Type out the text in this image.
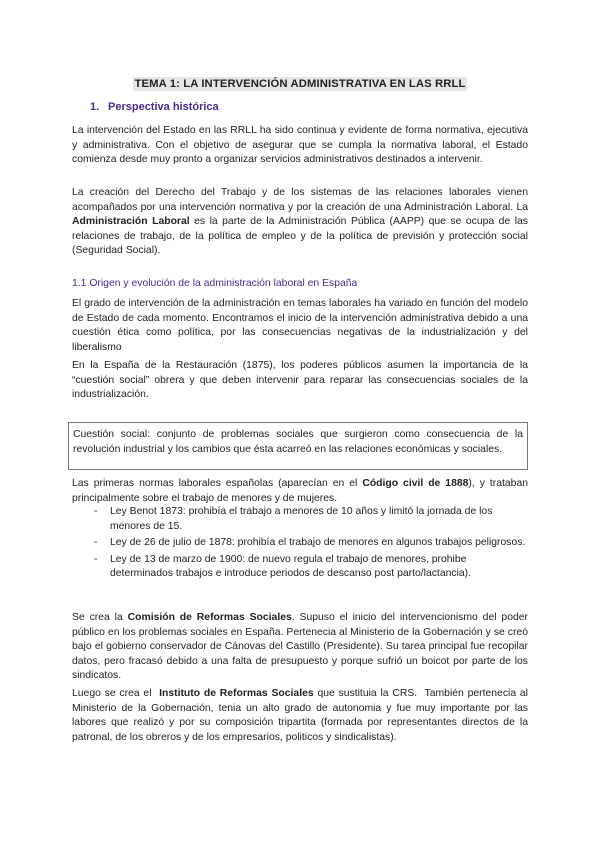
TEMA 1: LA INTERVENCIÓN ADMINISTRATIVA EN LAS RRLL
1. Perspectiva histórica

La intervención del Estado en las RRLL ha sido continua y evidente de forma normativa, ejecutiva y administrativa. Con el objetivo de asegurar que se cumpla la normativa laboral, el Estado comienza desde muy pronto a organizar servicios administrativos destinados a intervenir.

La creación del Derecho del Trabajo y de los sistemas de las relaciones laborales vienen acompañados por una intervención normativa y por la creación de una Administración Laboral. La Administración Laboral es la parte de la Administración Pública (AAPP) que se ocupa de las relaciones de trabajo, de la política de empleo y de la política de previsión y protección social (Seguridad Social).

1.1 Origen y evolución de la administración laboral en España

El grado de intervención de la administración en temas laborales ha variado en función del modelo de Estado de cada momento. Encontramos el inicio de la intervención administrativa debido a una cuestión ética como política, por las consecuencias negativas de la industrialización y del liberalismo

En la España de la Restauración (1875), los poderes públicos asumen la importancia de la “cuestión social” obrera y que deben intervenir para reparar las consecuencias sociales de la industrialización.

Cuestión social: conjunto de problemas sociales que surgieron como consecuencia de la revolución industrial y los cambios que ésta acarreó en las relaciones económicas y sociales.

Las primeras normas laborales españolas (aparecían en el Código civil de 1888), y trataban principalmente sobre el trabajo de menores y de mujeres.

- Ley Benot 1873: prohibía el trabajo a menores de 10 años y limitó la jornada de los menores de 15.
- Ley de 26 de julio de 1878: prohibía el trabajo de menores en algunos trabajos peligrosos.
- Ley de 13 de marzo de 1900: de nuevo regula el trabajo de menores, prohibe determinados trabajos e introduce periodos de descanso post parto/lactancia).

Se crea la Comisión de Reformas Sociales. Supuso el inicio del intervencionismo del poder público en los problemas sociales en España. Pertenecia al Ministerio de la Gobernación y se creó bajo el gobierno conservador de Cánovas del Castillo (Presidente). Su tarea principal fue recopilar datos, pero fracasó debido a una falta de presupuesto y porque sufrió un boicot por parte de los sindicatos.

Luego se crea el  Instituto de Reformas Sociales que sustituia la CRS.  También pertenecia al Ministerio de la Gobernación, tenia un alto grado de autonomia y fue muy importante por las labores que realizó y por su composición tripartita (formada por representantes directos de la patronal, de los obreros y de los empresarios, politicos y sindicalistas).
